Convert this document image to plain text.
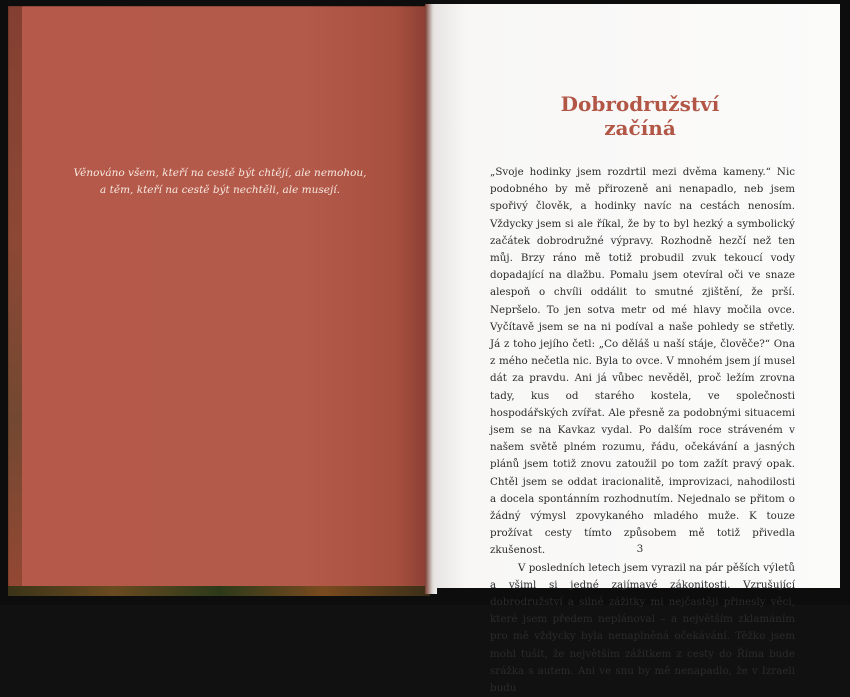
Věnováno všem, kteří na cestě být chtějí, ale nemohou,
a těm, kteří na cestě být nechtěli, ale musejí.
Dobrodružství
začíná

„Svoje hodinky jsem rozdrtil mezi dvěma kameny.“ Nic podobného by mě přirozeně ani nenapadlo, neb jsem spořivý člověk, a hodinky navíc na cestách nenosím. Vždycky jsem si ale říkal, že by to byl hezký a symbolický začátek dobrodružné výpravy. Rozhodně hezčí než ten můj. Brzy ráno mě totiž probudil zvuk tekoucí vody dopadající na dlažbu. Pomalu jsem otevíral oči ve snaze alespoň o chvíli oddálit to smutné zjištění, že prší. Nepršelo. To jen sotva metr od mé hlavy močila ovce. Vyčítavě jsem se na ni podíval a naše pohledy se střetly. Já z toho jejího četl: „Co děláš u naší stáje, člověče?“ Ona z mého nečetla nic. Byla to ovce. V mnohém jsem jí musel dát za pravdu. Ani já vůbec nevěděl, proč ležím zrovna tady, kus od starého kostela, ve společnosti hospodářských zvířat. Ale přesně za podobnými situacemi jsem se na Kavkaz vydal. Po dalším roce stráveném v našem světě plném rozumu, řádu, očekávání a jasných plánů jsem totiž znovu zatoužil po tom zažít pravý opak. Chtěl jsem se oddat iracionalitě, improvizaci, nahodilosti a docela spontánním rozhodnutím. Nejednalo se přitom o žádný výmysl zpovykaného mladého muže. K touze prožívat cesty tímto způsobem mě totiž přivedla zkušenost.

V posledních letech jsem vyrazil na pár pěších výletů a všiml si jedné zajímavé zákonitosti. Vzrušující dobrodružství a silné zážitky mi nejčastěji přinesly věci, které jsem předem neplánoval – a největším zklamáním pro mě vždycky byla nenaplněná očekávání. Těžko jsem mohl tušit, že největším zážitkem z cesty do Říma bude srážka s autem. Ani ve snu by mě nenapadlo, že v Izraeli budu

3
